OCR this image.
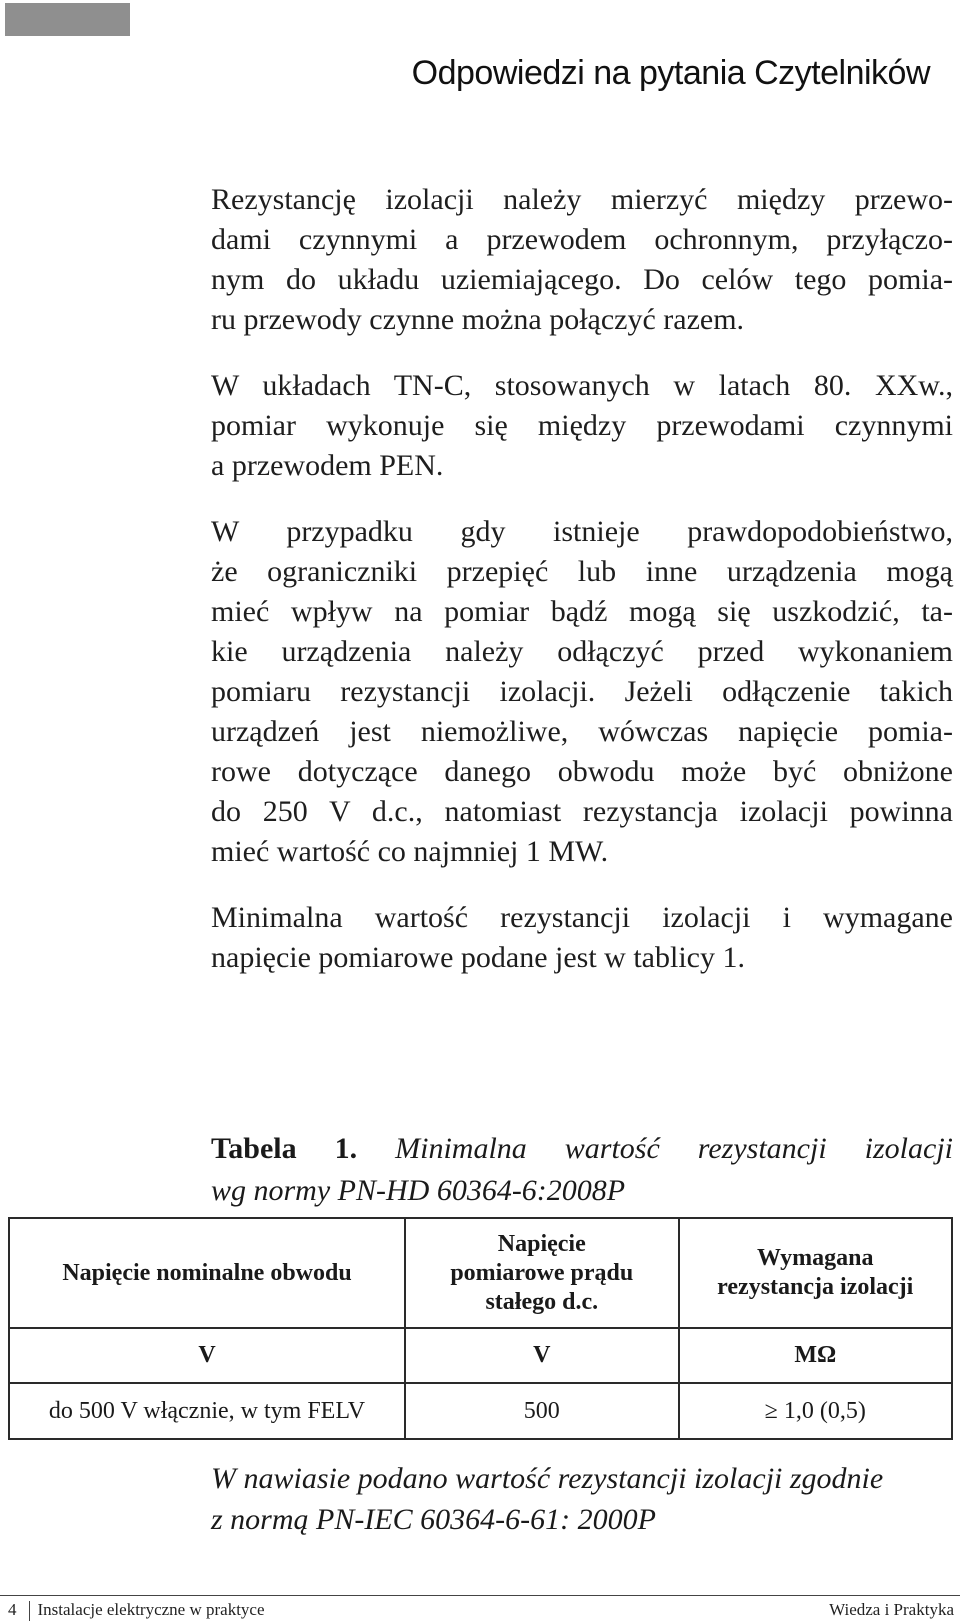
Odpowiedzi na pytania Czytelników

Rezystancję izolacji należy mierzyć między przewo-
dami czynnymi a przewodem ochronnym, przyłączo-
nym do układu uziemiającego. Do celów tego pomia-
ru przewody czynne można połączyć razem.

W układach TN-C, stosowanych w latach 80. XXw.,
pomiar wykonuje się między przewodami czynnymi
a przewodem PEN.

W przypadku gdy istnieje prawdopodobieństwo,
że ograniczniki przepięć lub inne urządzenia mogą
mieć wpływ na pomiar bądź mogą się uszkodzić, ta-
kie urządzenia należy odłączyć przed wykonaniem
pomiaru rezystancji izolacji. Jeżeli odłączenie takich
urządzeń jest niemożliwe, wówczas napięcie pomia-
rowe dotyczące danego obwodu może być obniżone
do 250 V d.c., natomiast rezystancja izolacji powinna
mieć wartość co najmniej 1 MW.

Minimalna wartość rezystancji izolacji i wymagane
napięcie pomiarowe podane jest w tablicy 1.

Tabela 1. Minimalna wartość rezystancji izolacji
wg normy PN-HD 60364-6:2008P
Napięcie nominalne obwodu	Napięcie pomiarowe prądu stałego d.c.	Wymagana rezystancja izolacji
V	V	MΩ
do 500 V włącznie, w tym FELV	500	≥ 1,0 (0,5)
W nawiasie podano wartość rezystancji izolacji zgodnie
z normą PN-IEC 60364-6-61: 2000P
4 Instalacje elektryczne w praktyce	Wiedza i Praktyka
